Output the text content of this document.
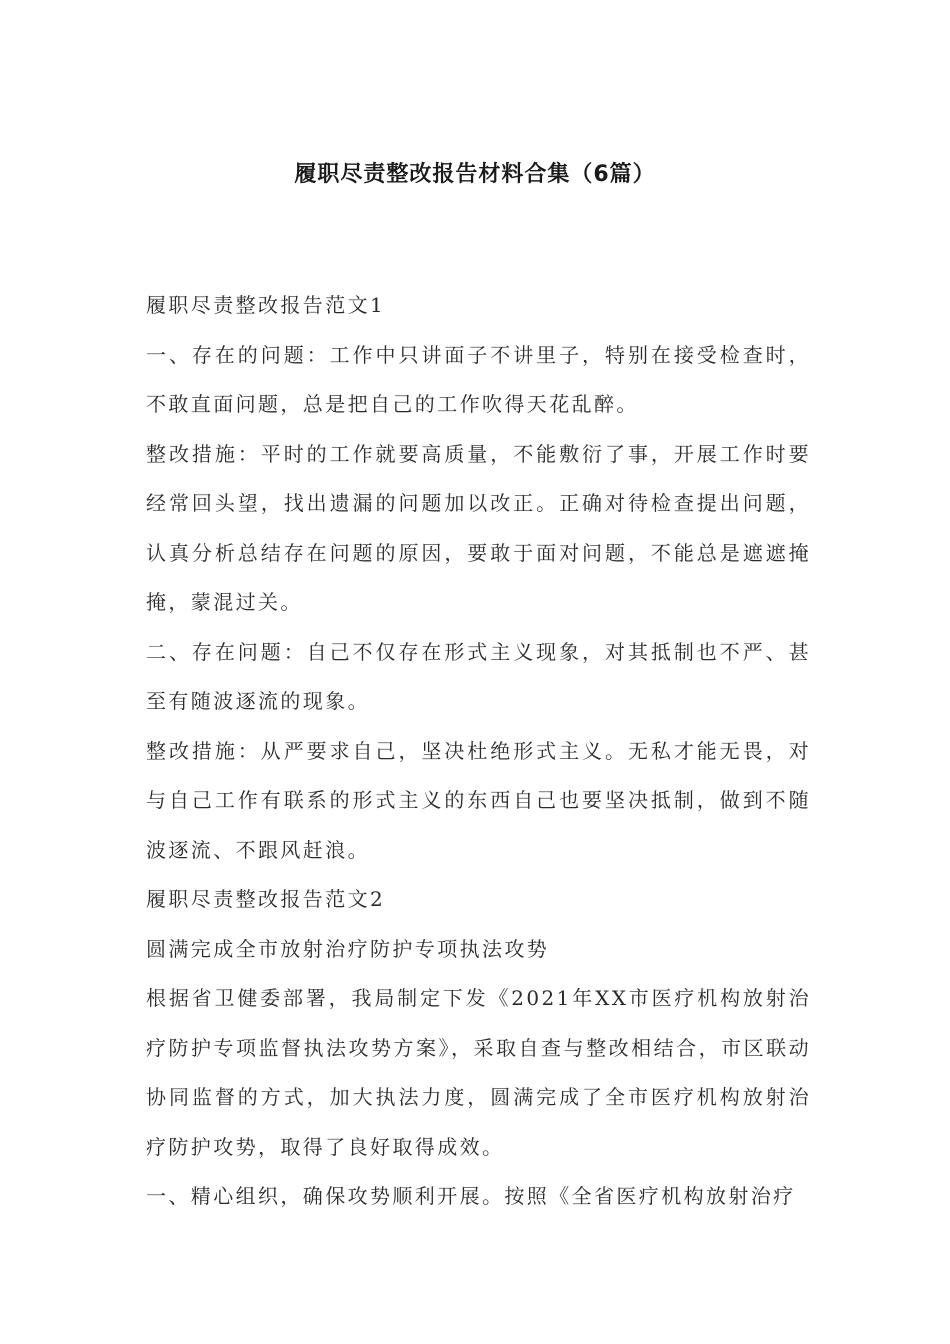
履职尽责整改报告材料合集（6篇）

履职尽责整改报告范文1

一、存在的问题：工作中只讲面子不讲里子，特别在接受检查时，不敢直面问题，总是把自己的工作吹得天花乱醉。

整改措施：平时的工作就要高质量，不能敷衍了事，开展工作时要经常回头望，找出遗漏的问题加以改正。正确对待检查提出问题，认真分析总结存在问题的原因，要敢于面对问题，不能总是遮遮掩掩，蒙混过关。

二、存在问题：自己不仅存在形式主义现象，对其抵制也不严、甚至有随波逐流的现象。

整改措施：从严要求自己，坚决杜绝形式主义。无私才能无畏，对与自己工作有联系的形式主义的东西自己也要坚决抵制，做到不随波逐流、不跟风赶浪。

履职尽责整改报告范文2

圆满完成全市放射治疗防护专项执法攻势

根据省卫健委部署，我局制定下发《2021年XX市医疗机构放射治疗防护专项监督执法攻势方案》，采取自查与整改相结合，市区联动协同监督的方式，加大执法力度，圆满完成了全市医疗机构放射治疗防护攻势，取得了良好取得成效。

一、精心组织，确保攻势顺利开展。按照《全省医疗机构放射治疗
